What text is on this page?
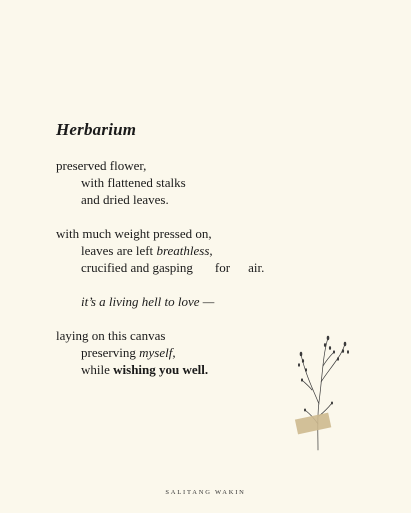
Herbarium
preserved flower,
with flattened stalks
and dried leaves.
with much weight pressed on,
leaves are left breathless,
crucified and gasping for air.
it’s a living hell to love —
laying on this canvas
preserving myself,
while wishing you well.
SALITANG WAKIN
